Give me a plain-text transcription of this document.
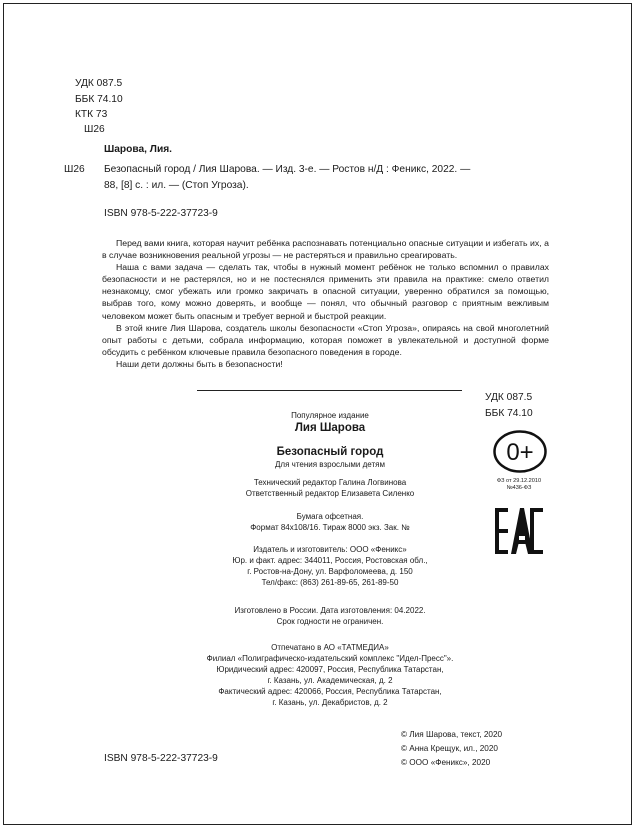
УДК 087.5
ББК 74.10
КТК 73
Ш26
Шарова, Лия.
Ш26 Безопасный город / Лия Шарова. — Изд. 3-е. — Ростов н/Д : Феникс, 2022. —
88, [8] с. : ил. — (Стоп Угроза).
ISBN 978-5-222-37723-9

Перед вами книга, которая научит ребёнка распознавать потенциально опасные ситуации и избегать их, а в случае возникновения реальной угрозы — не растеряться и правильно среагировать.

Наша с вами задача — сделать так, чтобы в нужный момент ребёнок не только вспомнил о правилах безопасности и не растерялся, но и не постеснялся применить эти правила на практике: смело ответил незнакомцу, смог убежать или громко закричать в опасной ситуации, уверенно обратился за помощью, выбрав того, кому можно доверять, и вообще — понял, что обычный разговор с приятным вежливым человеком может быть опасным и требует верной и быстрой реакции.

В этой книге Лия Шарова, создатель школы безопасности «Стоп Угроза», опираясь на свой многолетний опыт работы с детьми, собрала информацию, которая поможет в увлекательной и доступной форме обсудить с ребёнком ключевые правила безопасного поведения в городе.

Наши дети должны быть в безопасности!

Популярное издание
Лия Шарова
Безопасный город
Для чтения взрослыми детям
Технический редактор Галина Логвинова
Ответственный редактор Елизавета Силенко
Бумага офсетная.
Формат 84x108/16. Тираж 8000 экз. Зак. №
Издатель и изготовитель: ООО «Феникс»
Юр. и факт. адрес: 344011, Россия, Ростовская обл.,
г. Ростов-на-Дону, ул. Варфоломеева, д. 150
Тел/факс: (863) 261-89-65, 261-89-50
Изготовлено в России. Дата изготовления: 04.2022.
Срок годности не ограничен.
Отпечатано в АО «ТАТМЕДИА»
Филиал «Полиграфическо-издательский комплекс "Идел-Пресс"».
Юридический адрес: 420097, Россия, Республика Татарстан,
г. Казань, ул. Академическая, д. 2
Фактический адрес: 420066, Россия, Республика Татарстан,
г. Казань, ул. Декабристов, д. 2
УДК 087.5
ББК 74.10
0+
ФЗ от 29.12.2010
№436-ФЗ
ISBN 978-5-222-37723-9
© Лия Шарова, текст, 2020
© Анна Крещук, ил., 2020
© ООО «Феникс», 2020
